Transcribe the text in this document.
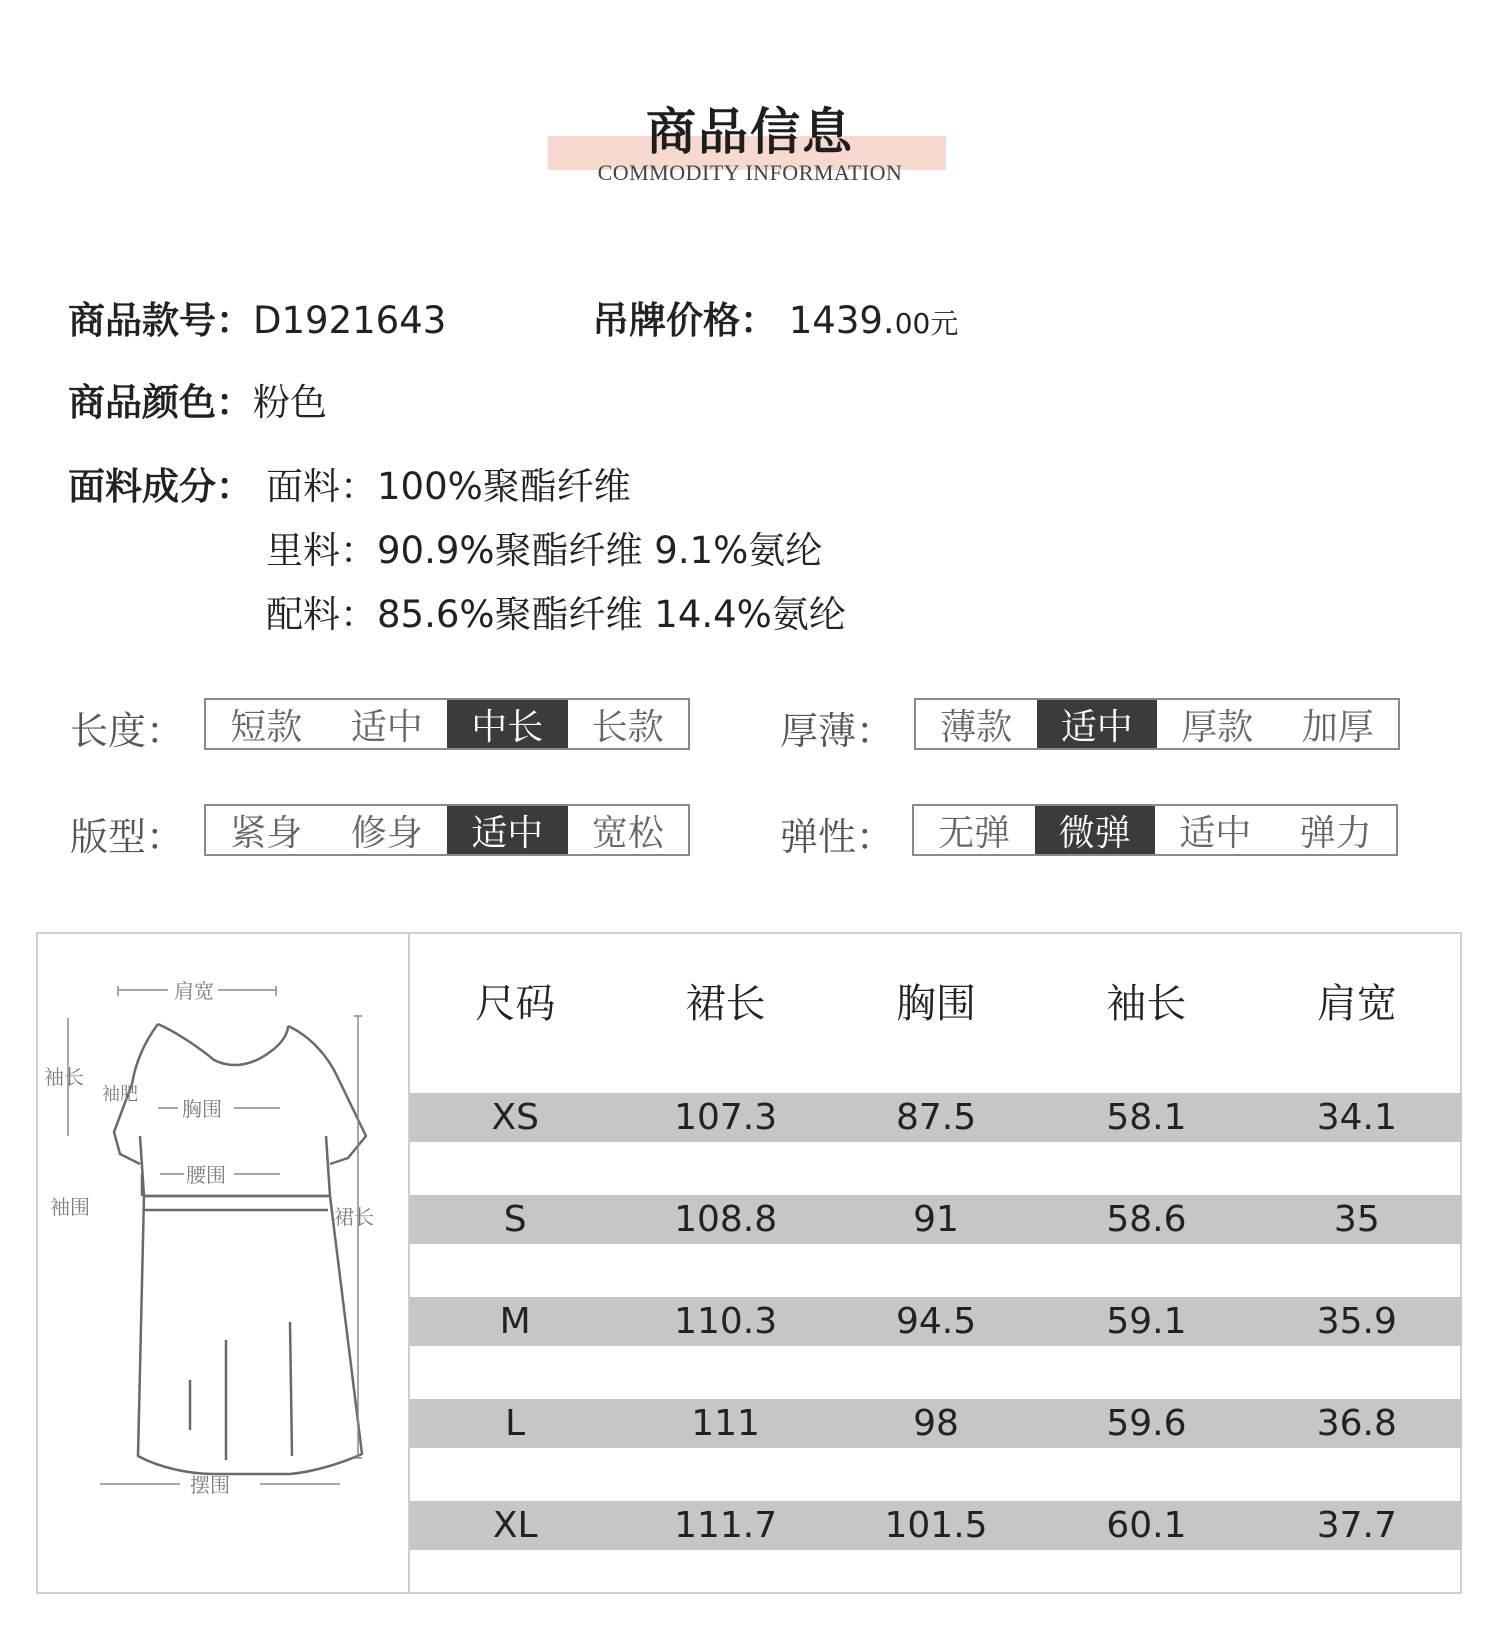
商品信息
COMMODITY INFORMATION
商品款号：D1921643	吊牌价格： 1439.00元
商品颜色：粉色
面料成分： 面料：100%聚酯纤维
里料：90.9%聚酯纤维 9.1%氨纶
配料：85.6%聚酯纤维 14.4%氨纶
长度：	短款	适中	中长	长款	厚薄：	薄款	适中	厚款	加厚
版型：	紧身	修身	适中	宽松	弹性：	无弹	微弹	适中	弹力
肩宽
袖长
袖肥
胸围
腰围
袖围	裙长
摆围
尺码	裙长	胸围	袖长	肩宽
XS	107.3	87.5	58.1	34.1
S	108.8	91	58.6	35
M	110.3	94.5	59.1	35.9
L	111	98	59.6	36.8
XL	111.7	101.5	60.1	37.7
